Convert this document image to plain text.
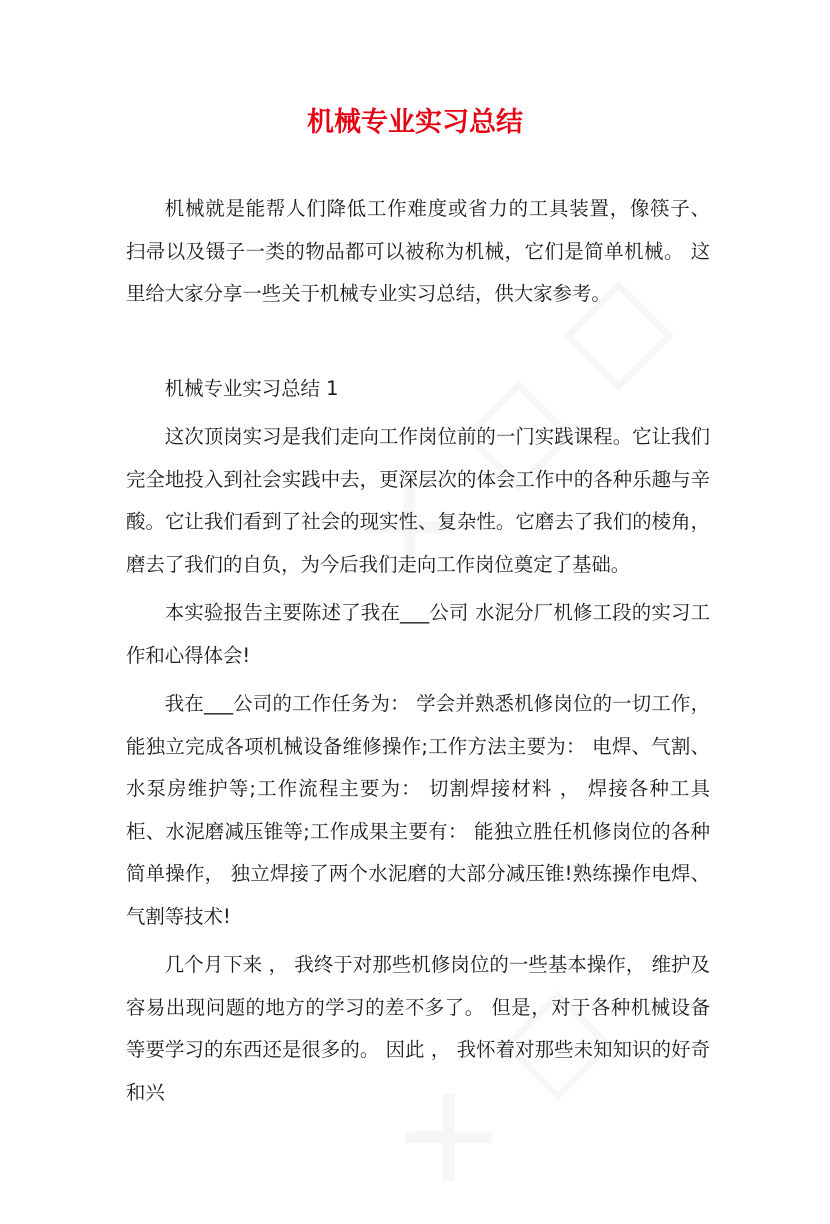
机械专业实习总结

机械就是能帮人们降低工作难度或省力的工具装置，像筷子、 扫帚以及镊子一类的物品都可以被称为机械，它们是简单机械。 这里给大家分享一些关于机械专业实习总结，供大家参考。

机械专业实习总结 1

这次顶岗实习是我们走向工作岗位前的一门实践课程。它让我们完全地投入到社会实践中去，更深层次的体会工作中的各种乐趣与辛酸。它让我们看到了社会的现实性、复杂性。它磨去了我们的棱角，磨去了我们的自负，为今后我们走向工作岗位奠定了基础。

本实验报告主要陈述了我在___公司 水泥分厂机修工段的实习工作和心得体会!

我在___公司的工作任务为： 学会并熟悉机修岗位的一切工作，能独立完成各项机械设备维修操作;工作方法主要为： 电焊、气割、水泵房维护等;工作流程主要为： 切割焊接材料 ， 焊接各种工具柜、水泥磨减压锥等;工作成果主要有： 能独立胜任机修岗位的各种简单操作， 独立焊接了两个水泥磨的大部分减压锥!熟练操作电焊、气割等技术!

几个月下来 ， 我终于对那些机修岗位的一些基本操作， 维护及容易出现问题的地方的学习的差不多了。 但是，对于各种机械设备等要学习的东西还是很多的。 因此 ， 我怀着对那些未知知识的好奇和兴
